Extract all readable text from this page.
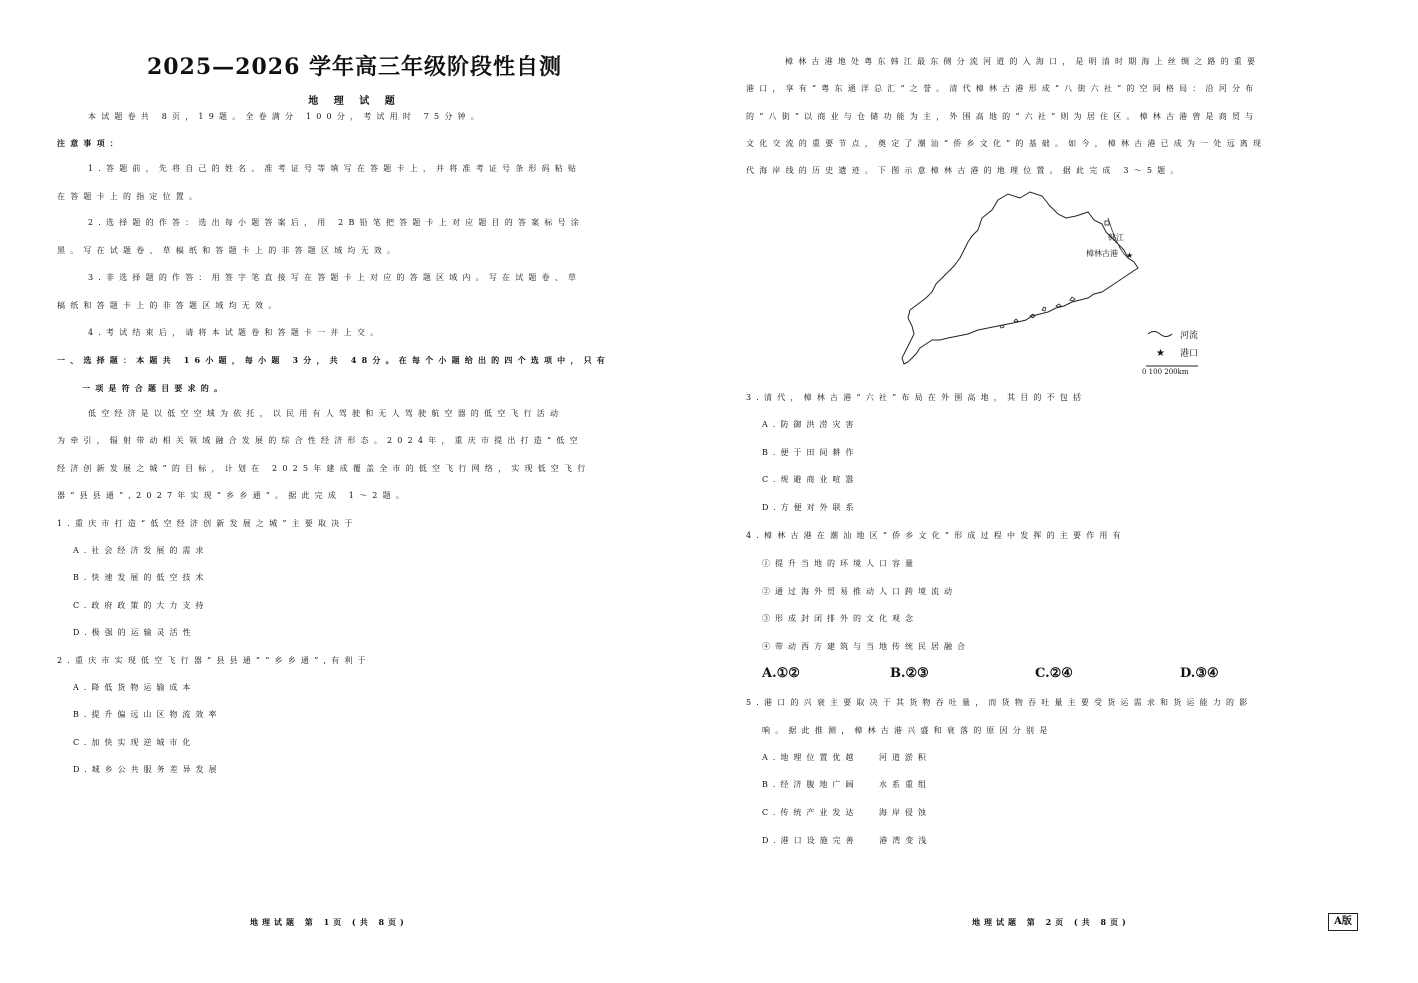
2025—2026 学年高三年级阶段性自测
地 理 试 题
本试题卷共 8页，19题。全卷满分 100分，考试用时 75分钟。
注意事项：
1.答题前，先将自己的姓名、准考证号等填写在答题卡上，并将准考证号条形码粘贴
在答题卡上的指定位置。
2.选择题的作答：选出每小题答案后，用 2B铅笔把答题卡上对应题目的答案标号涂
黑。写在试题卷、草稿纸和答题卡上的非答题区域均无效。
3.非选择题的作答：用签字笔直接写在答题卡上对应的答题区域内。写在试题卷、草
稿纸和答题卡上的非答题区域均无效。
4.考试结束后，请将本试题卷和答题卡一并上交。
一、选择题：本题共 16小题，每小题 3分，共 48分。在每个小题给出的四个选项中，只有
一项是符合题目要求的。
低空经济是以低空空域为依托，以民用有人驾驶和无人驾驶航空器的低空飞行活动
为牵引，辐射带动相关领域融合发展的综合性经济形态。2024年，重庆市提出打造“低空
经济创新发展之城”的目标，计划在 2025年建成覆盖全市的低空飞行网络，实现低空飞行
器“县县通”,2027年实现“乡乡通”。据此完成 1～2题。
1.重庆市打造“低空经济创新发展之城”主要取决于
A.社会经济发展的需求
B.快速发展的低空技术
C.政府政策的大力支持
D.极强的运输灵活性
2.重庆市实现低空飞行器“县县通”“乡乡通”,有利于
A.降低货物运输成本
B.提升偏远山区物流效率
C.加快实现逆城市化
D.城乡公共服务差异发展
地理试题 第 1页 (共 8页)
樟林古港地处粤东韩江最东侧分流河道的入海口，是明清时期海上丝绸之路的重要
港口，享有“粤东通洋总汇”之誉。清代樟林古港形成“八街六社”的空间格局：沿河分布
的“八街”以商业与仓储功能为主，外围高地的“六社”则为居住区。樟林古港曾是商贸与
文化交流的重要节点，奠定了潮汕“侨乡文化”的基础。如今，樟林古港已成为一处远离现
代海岸线的历史遗迹。下图示意樟林古港的地理位置。据此完成 3～5题。
韩江
樟林古港 ★
河流
★ 港口
0 100 200km
3.清代，樟林古港“六社”布局在外围高地，其目的不包括
A.防御洪涝灾害
B.便于田间耕作
C.规避商业喧嚣
D.方便对外联系
4.樟林古港在潮汕地区“侨乡文化”形成过程中发挥的主要作用有
①提升当地的环境人口容量
②通过海外贸易推动人口跨境流动
③形成封闭排外的文化观念
④带动西方建筑与当地传统民居融合
A.①②	B.②③	C.②④	D.③④
5.港口的兴衰主要取决于其货物吞吐量，而货物吞吐量主要受货运需求和货运能力的影
响。据此推测，樟林古港兴盛和衰落的原因分别是
A.地理位置优越　 河道淤积
B.经济腹地广阔　 水系重组
C.传统产业发达　 海岸侵蚀
D.港口设施完善　 港湾变浅
地理试题 第 2页 (共 8页)	A版
